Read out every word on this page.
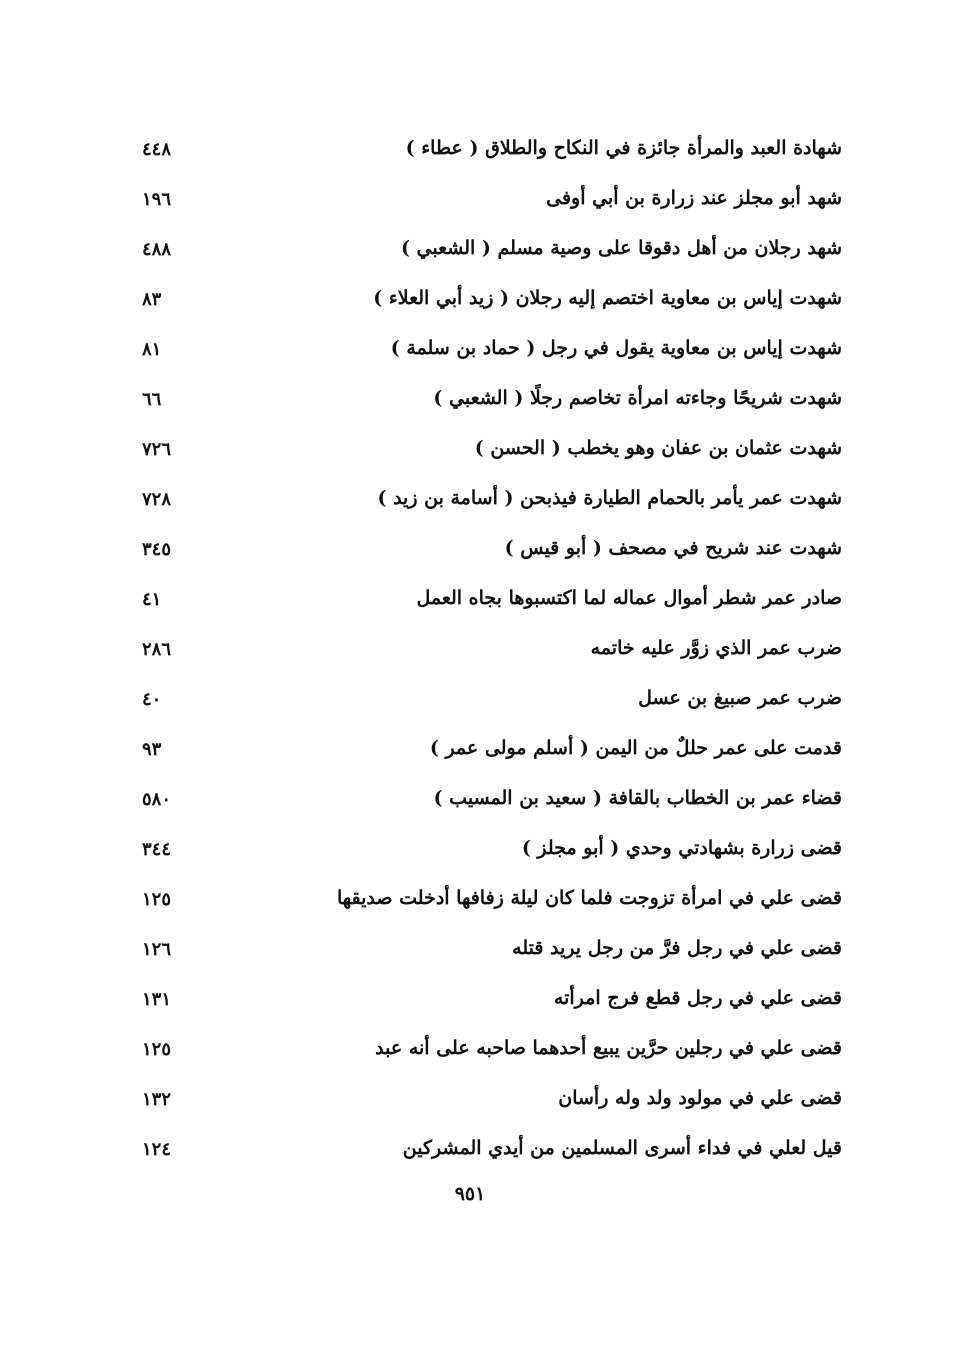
شهادة العبد والمرأة جائزة في النكاح والطلاق ( عطاء )
٤٤٨
شهد أبو مجلز عند زرارة بن أبي أوفى
١٩٦
شهد رجلان من أهل دقوقا على وصية مسلم ( الشعبي )
٤٨٨
شهدت إياس بن معاوية اختصم إليه رجلان ( زيد أبي العلاء )
٨٣
شهدت إياس بن معاوية يقول في رجل ( حماد بن سلمة )
٨١
شهدت شريحًا وجاءته امرأة تخاصم رجلًا ( الشعبي )
٦٦
شهدت عثمان بن عفان وهو يخطب ( الحسن )
٧٢٦
شهدت عمر يأمر بالحمام الطيارة فيذبحن ( أسامة بن زيد )
٧٢٨
شهدت عند شريح في مصحف ( أبو قيس )
٣٤٥
صادر عمر شطر أموال عماله لما اكتسبوها بجاه العمل
٤١
ضرب عمر الذي زوَّر عليه خاتمه
٢٨٦
ضرب عمر صبيغ بن عسل
٤٠
قدمت على عمر حللٌ من اليمن ( أسلم مولى عمر )
٩٣
قضاء عمر بن الخطاب بالقافة ( سعيد بن المسيب )
٥٨٠
قضى زرارة بشهادتي وحدي ( أبو مجلز )
٣٤٤
قضى علي في امرأة تزوجت فلما كان ليلة زفافها أدخلت صديقها
١٢٥
قضى علي في رجل فرَّ من رجل يريد قتله
١٢٦
قضى علي في رجل قطع فرج امرأته
١٣١
قضى علي في رجلين حرَّين يبيع أحدهما صاحبه على أنه عبد
١٢٥
قضى علي في مولود ولد وله رأسان
١٣٢
قيل لعلي في فداء أسرى المسلمين من أيدي المشركين
١٢٤
٩٥١
